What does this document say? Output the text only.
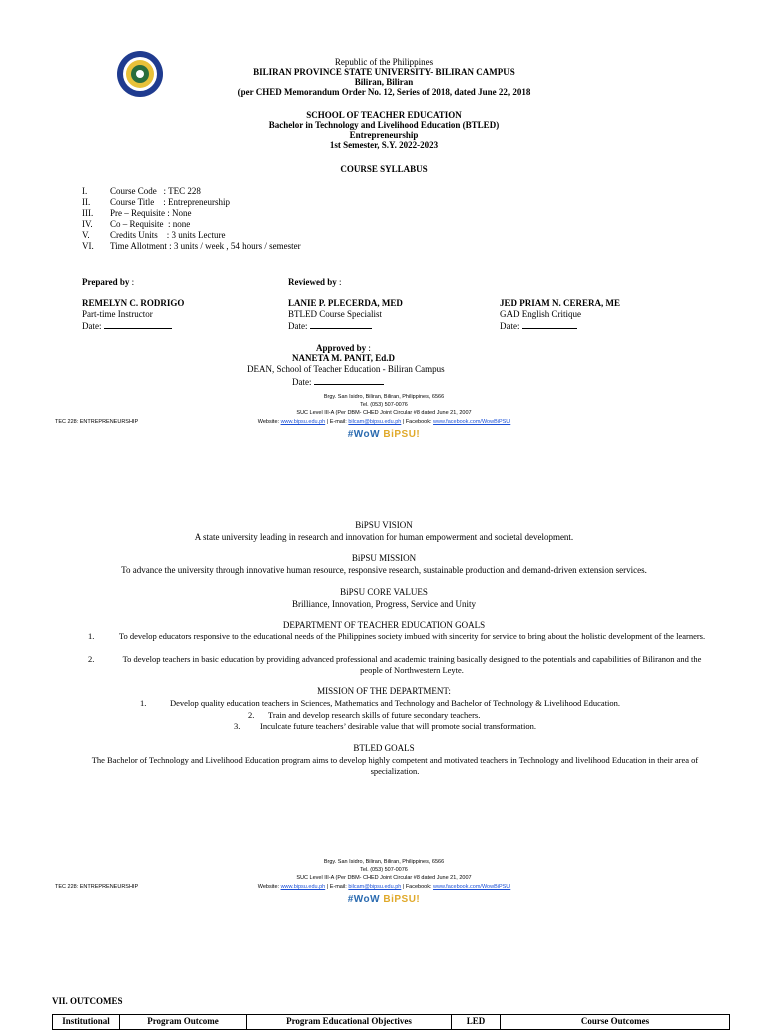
Republic of the Philippines
BILIRAN PROVINCE STATE UNIVERSITY- BILIRAN CAMPUS
Biliran, Biliran
(per CHED Memorandum Order No. 12, Series of 2018, dated June 22, 2018
SCHOOL OF TEACHER EDUCATION
Bachelor in Technology and Livelihood Education (BTLED)
Entrepreneurship
1st Semester, S.Y. 2022-2023
COURSE SYLLABUS
I.	Course Code   : TEC 228
II. Course Title    : Entrepreneurship
III. Pre – Requisite : None
IV. Co – Requisite  : none
V. Credits Units    : 3 units Lecture
VI. Time Allotment : 3 units / week , 54 hours / semester
Prepared by :	Reviewed by :
REMELYN C. RODRIGO
Part-time Instructor
Date:
LANIE P. PLECERDA, MED
BTLED Course Specialist
Date:
JED PRIAM N. CERERA, ME
GAD English Critique
Date:
Approved by :
NANETA M. PANIT, Ed.D
DEAN, School of Teacher Education - Biliran Campus
Date:
Brgy. San Isidro, Biliran, Biliran, Philippines, 6566
Tel. (053) 507-0076
SUC Level III-A (Per DBM- CHED Joint Circular #8 dated June 21, 2007
Website: www.bipsu.edu.ph | E-mail: bilcam@bipsu.edu.ph | Facebook: www.facebook.com/WowBiPSU
TEC 228: ENTREPRENEURSHIP
#WoW BiPSU!
BiPSU VISION
A state university leading in research and innovation for human empowerment and societal development.
BiPSU MISSION
To advance the university through innovative human resource, responsive research, sustainable production and demand-driven extension services.
BiPSU CORE VALUES
Brilliance, Innovation, Progress, Service and Unity
DEPARTMENT OF TEACHER EDUCATION GOALS
1.	To develop educators responsive to the educational needs of the Philippines society imbued with sincerity for service to bring about the holistic development of the learners.
2.	To develop teachers in basic education by providing advanced professional and academic training basically designed to the potentials and capabilities of Biliranon and the people of Northwestern Leyte.
MISSION OF THE DEPARTMENT:
1.	Develop quality education teachers in Sciences, Mathematics and Technology and Bachelor of Technology & Livelihood Education.
2. Train and develop research skills of future secondary teachers.
3. Inculcate future teachers’ desirable value that will promote social transformation.
BTLED GOALS
The Bachelor of Technology and Livelihood Education program aims to develop highly competent and motivated teachers in Technology and livelihood Education in their area of specialization.
Brgy. San Isidro, Biliran, Biliran, Philippines, 6566
Tel. (053) 507-0076
SUC Level III-A (Per DBM- CHED Joint Circular #8 dated June 21, 2007
Website: www.bipsu.edu.ph | E-mail: bilcam@bipsu.edu.ph | Facebook: www.facebook.com/WowBiPSU
TEC 228: ENTREPRENEURSHIP
#WoW BiPSU!
VII. OUTCOMES
Institutional	Program Outcome	Program Educational Objectives	LED	Course Outcomes
